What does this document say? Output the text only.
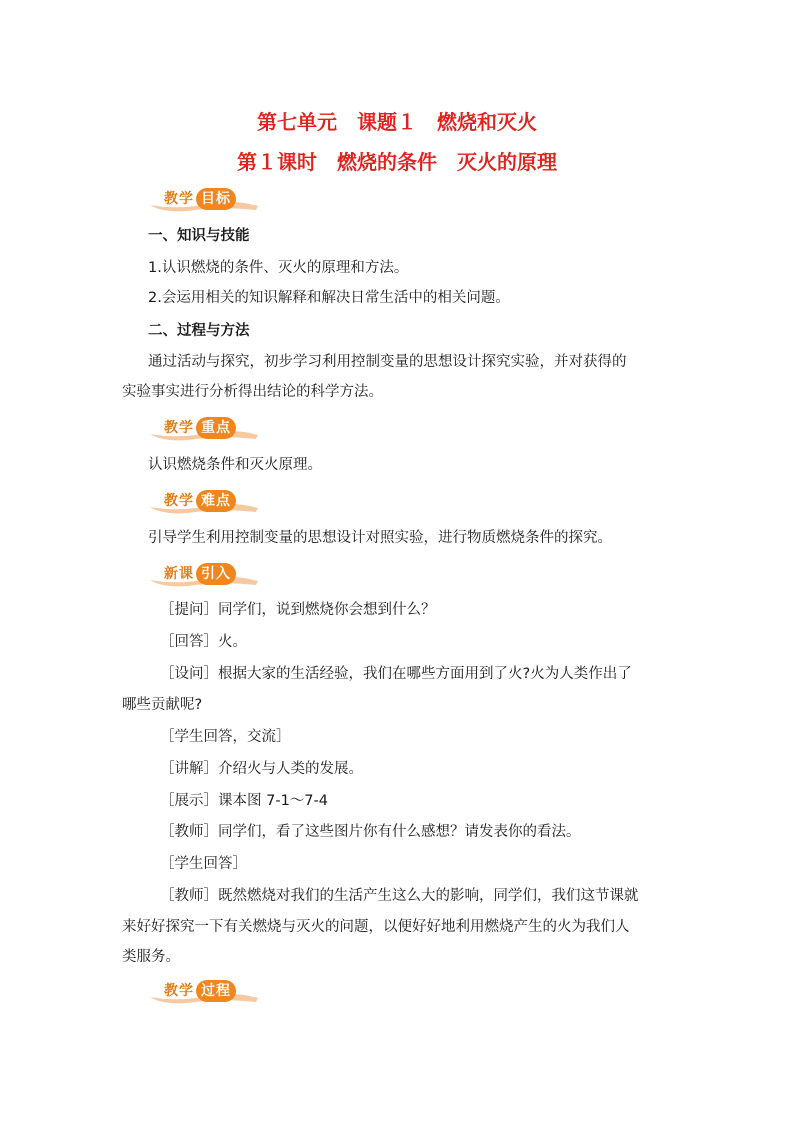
第七单元　课题１　燃烧和灭火
第１课时　燃烧的条件　灭火的原理
教学 目标
一、知识与技能
1.认识燃烧的条件、灭火的原理和方法。
2.会运用相关的知识解释和解决日常生活中的相关问题。
二、过程与方法
通过活动与探究，初步学习利用控制变量的思想设计探究实验，并对获得的
实验事实进行分析得出结论的科学方法。
教学 重点
认识燃烧条件和灭火原理。
教学 难点
引导学生利用控制变量的思想设计对照实验，进行物质燃烧条件的探究。
新课 引入
［提问］同学们，说到燃烧你会想到什么？
［回答］火。
［设问］根据大家的生活经验，我们在哪些方面用到了火?火为人类作出了
哪些贡献呢?
［学生回答，交流］
［讲解］介绍火与人类的发展。
［展示］课本图 7-1～7-4
［教师］同学们，看了这些图片你有什么感想？请发表你的看法。
［学生回答］
［教师］既然燃烧对我们的生活产生这么大的影响，同学们，我们这节课就
来好好探究一下有关燃烧与灭火的问题，以便好好地利用燃烧产生的火为我们人
类服务。
教学 过程
